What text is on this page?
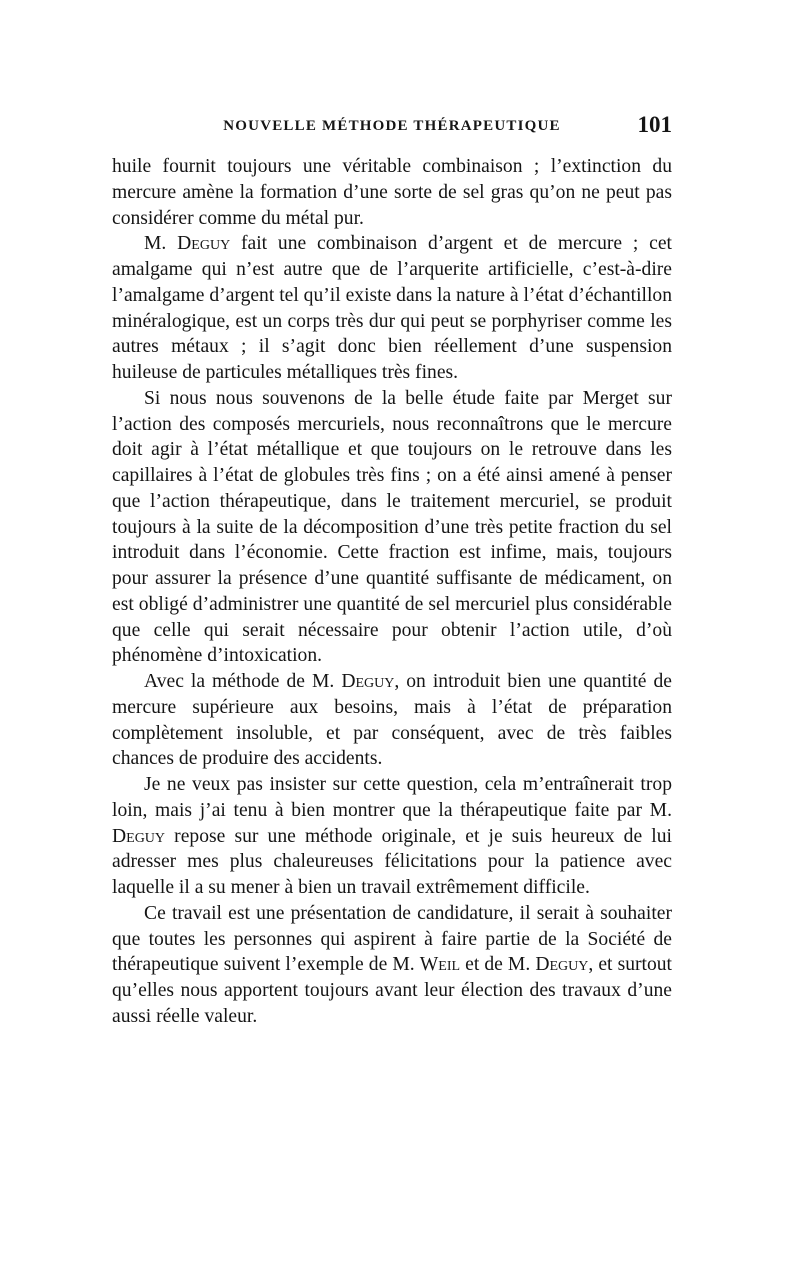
NOUVELLE MÉTHODE THÉRAPEUTIQUE	101

huile fournit toujours une véritable combinaison ; l’extinction du mercure amène la formation d’une sorte de sel gras qu’on ne peut pas considérer comme du métal pur.

M. Deguy fait une combinaison d’argent et de mercure ; cet amalgame qui n’est autre que de l’arquerite artificielle, c’est-à-dire l’amalgame d’argent tel qu’il existe dans la nature à l’état d’échantillon minéralogique, est un corps très dur qui peut se porphyriser comme les autres métaux ; il s’agit donc bien réellement d’une suspension huileuse de particules métalliques très fines.

Si nous nous souvenons de la belle étude faite par Merget sur l’action des composés mercuriels, nous reconnaîtrons que le mercure doit agir à l’état métallique et que toujours on le retrouve dans les capillaires à l’état de globules très fins ; on a été ainsi amené à penser que l’action thérapeutique, dans le traitement mercuriel, se produit toujours à la suite de la décomposition d’une très petite fraction du sel introduit dans l’économie. Cette fraction est infime, mais, toujours pour assurer la présence d’une quantité suffisante de médicament, on est obligé d’administrer une quantité de sel mercuriel plus considérable que celle qui serait nécessaire pour obtenir l’action utile, d’où phénomène d’intoxication.

Avec la méthode de M. Deguy, on introduit bien une quantité de mercure supérieure aux besoins, mais à l’état de préparation complètement insoluble, et par conséquent, avec de très faibles chances de produire des accidents.

Je ne veux pas insister sur cette question, cela m’entraînerait trop loin, mais j’ai tenu à bien montrer que la thérapeutique faite par M. Deguy repose sur une méthode originale, et je suis heureux de lui adresser mes plus chaleureuses félicitations pour la patience avec laquelle il a su mener à bien un travail extrêmement difficile.

Ce travail est une présentation de candidature, il serait à souhaiter que toutes les personnes qui aspirent à faire partie de la Société de thérapeutique suivent l’exemple de M. Weil et de M. Deguy, et surtout qu’elles nous apportent toujours avant leur élection des travaux d’une aussi réelle valeur.
